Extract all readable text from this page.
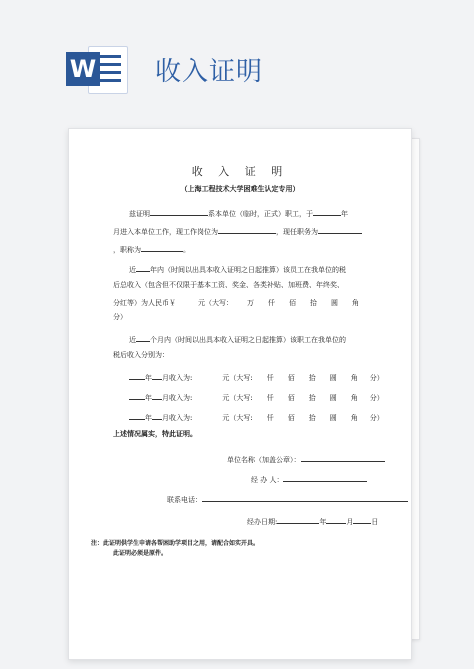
W 收入证明
收 入 证 明
（上海工程技术大学困难生认定专用）
兹证明	系本单位（临时，正式）职工，于	年
月进入本单位工作，现工作岗位为	，现任职务为
，职称为	。
近 年内（时间以出具本收入证明之日起推算）该员工在我单位的税
后总收入（包含但不仅限于基本工资、奖金、各类补贴、加班费、年终奖、
分红等）为人民币￥	元（大写： 万 仟 佰 拾 圆 角
分）
近 个月内（时间以出具本收入证明之日起推算）该职工在我单位的
税后收入分别为：
年 月收入为:	元（大写: 仟 佰 拾 圆 角 分）
年 月收入为:	元（大写: 仟 佰 拾 圆 角 分）
年 月收入为:	元（大写: 仟 佰 拾 圆 角 分）
上述情况属实，特此证明。
单位名称（加盖公章）：
经 办 人：
联系电话：
经办日期:	年	月	日
注：此证明供学生申请各帮困助学项目之用，请配合如实开具。
此证明必须是原件。
